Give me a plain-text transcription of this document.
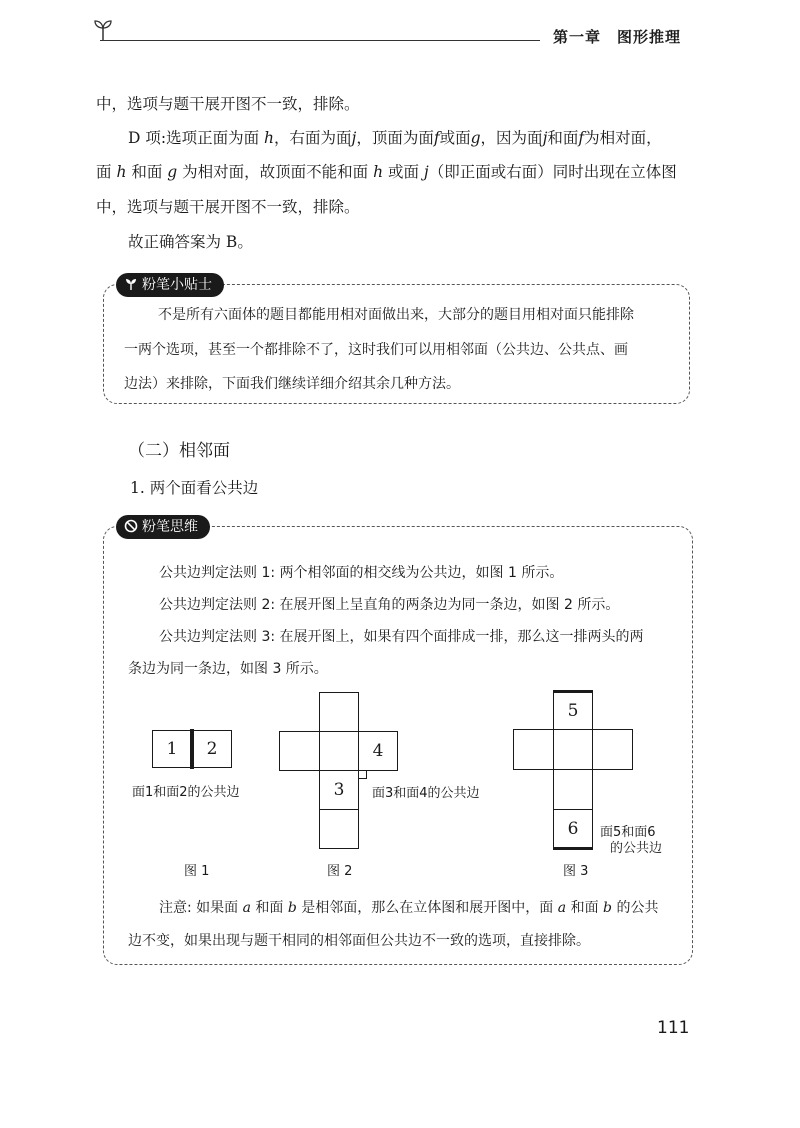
第一章　图形推理
中，选项与题干展开图不一致，排除。
D 项:选项正面为面 h，右面为面j，顶面为面f或面g，因为面j和面f为相对面，
面 h 和面 g 为相对面，故顶面不能和面 h 或面 j（即正面或右面）同时出现在立体图
中，选项与题干展开图不一致，排除。
故正确答案为 B。
粉笔小贴士
不是所有六面体的题目都能用相对面做出来，大部分的题目用相对面只能排除
一两个选项，甚至一个都排除不了，这时我们可以用相邻面（公共边、公共点、画
边法）来排除，下面我们继续详细介绍其余几种方法。
（二）相邻面
1. 两个面看公共边
粉笔思维
公共边判定法则 1: 两个相邻面的相交线为公共边，如图 1 所示。
公共边判定法则 2: 在展开图上呈直角的两条边为同一条边，如图 2 所示。
公共边判定法则 3: 在展开图上，如果有四个面排成一排，那么这一排两头的两
条边为同一条边，如图 3 所示。
1	2
面1和面2的公共边
图 1
4
3	面3和面4的公共边
图 2
5
6	面5和面6
的公共边
图 3
注意: 如果面 a 和面 b 是相邻面，那么在立体图和展开图中，面 a 和面 b 的公共
边不变，如果出现与题干相同的相邻面但公共边不一致的选项，直接排除。
111
